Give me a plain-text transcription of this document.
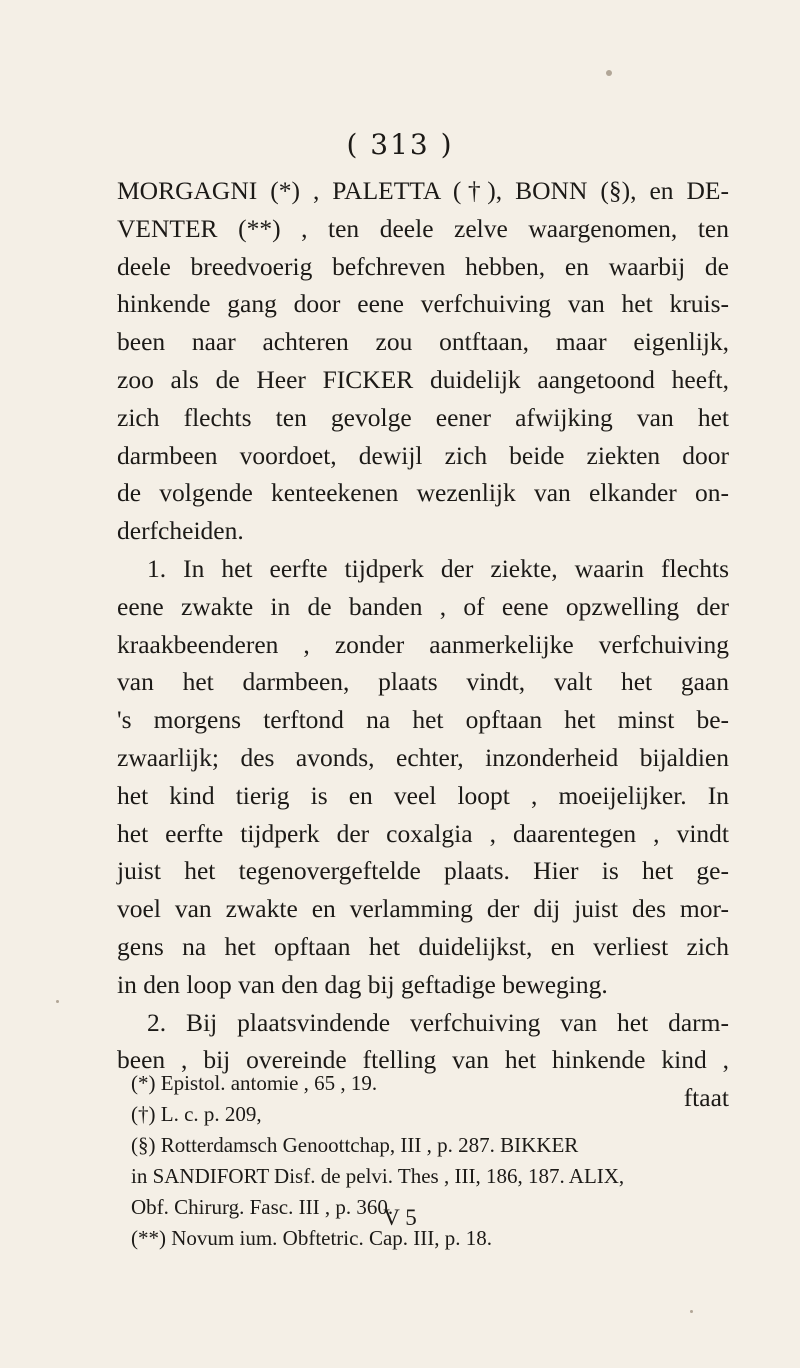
( 313 )
MORGAGNI (*) , PALETTA (†), BONN (§), en DE-
VENTER (**) , ten deele zelve waargenomen, ten
deele breedvoerig befchreven hebben, en waarbij de
hinkende gang door eene verfchuiving van het kruis-
been naar achteren zou ontftaan, maar eigenlijk,
zoo als de Heer FICKER duidelijk aangetoond heeft,
zich flechts ten gevolge eener afwijking van het
darmbeen voordoet, dewijl zich beide ziekten door
de volgende kenteekenen wezenlijk van elkander on-
derfcheiden.
1. In het eerfte tijdperk der ziekte, waarin flechts
eene zwakte in de banden , of eene opzwelling der
kraakbeenderen , zonder aanmerkelijke verfchuiving
van het darmbeen, plaats vindt, valt het gaan
's morgens terftond na het opftaan het minst be-
zwaarlijk; des avonds, echter, inzonderheid bijaldien
het kind tierig is en veel loopt , moeijelijker. In
het eerfte tijdperk der coxalgia , daarentegen , vindt
juist het tegenovergeftelde plaats. Hier is het ge-
voel van zwakte en verlamming der dij juist des mor-
gens na het opftaan het duidelijkst, en verliest zich
in den loop van den dag bij geftadige beweging.
2. Bij plaatsvindende verfchuiving van het darm-
been , bij overeinde ftelling van het hinkende kind ,
ftaat
(*) Epistol. antomie , 65 , 19.
(†) L. c. p. 209,
(§) Rotterdamsch Genoottchap, III , p. 287. BIKKER
in SANDIFORT Disf. de pelvi. Thes , III, 186, 187. ALIX,
Obf. Chirurg. Fasc. III , p. 360.
(**) Novum ium. Obftetric. Cap. III, p. 18.
V 5
